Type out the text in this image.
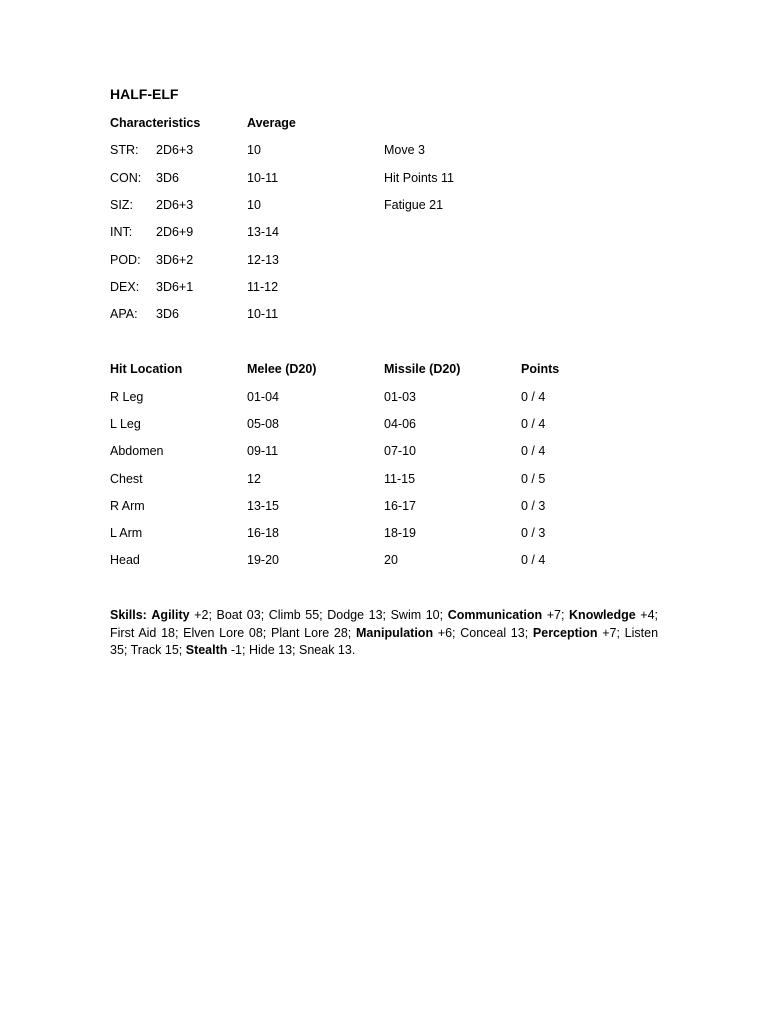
HALF-ELF
Characteristics	Average
STR: 2D6+3	10	Move 3
CON: 3D6	10-11	Hit Points 11
SIZ: 2D6+3	10	Fatigue 21
INT: 2D6+9	13-14
POD: 3D6+2	12-13
DEX: 3D6+1	11-12
APA: 3D6	10-11
Hit Location	Melee (D20)	Missile (D20)	Points
R Leg	01-04	01-03	0 / 4
L Leg	05-08	04-06	0 / 4
Abdomen	09-11	07-10	0 / 4
Chest	12	11-15	0 / 5
R Arm	13-15	16-17	0 / 3
L Arm	16-18	18-19	0 / 3
Head	19-20	20	0 / 4
Skills: Agility +2; Boat 03; Climb 55; Dodge 13; Swim 10; Communication +7; Knowledge +4; First Aid 18; Elven Lore 08; Plant Lore 28; Manipulation +6; Conceal 13; Perception +7; Listen 35; Track 15; Stealth -1; Hide 13; Sneak 13.
